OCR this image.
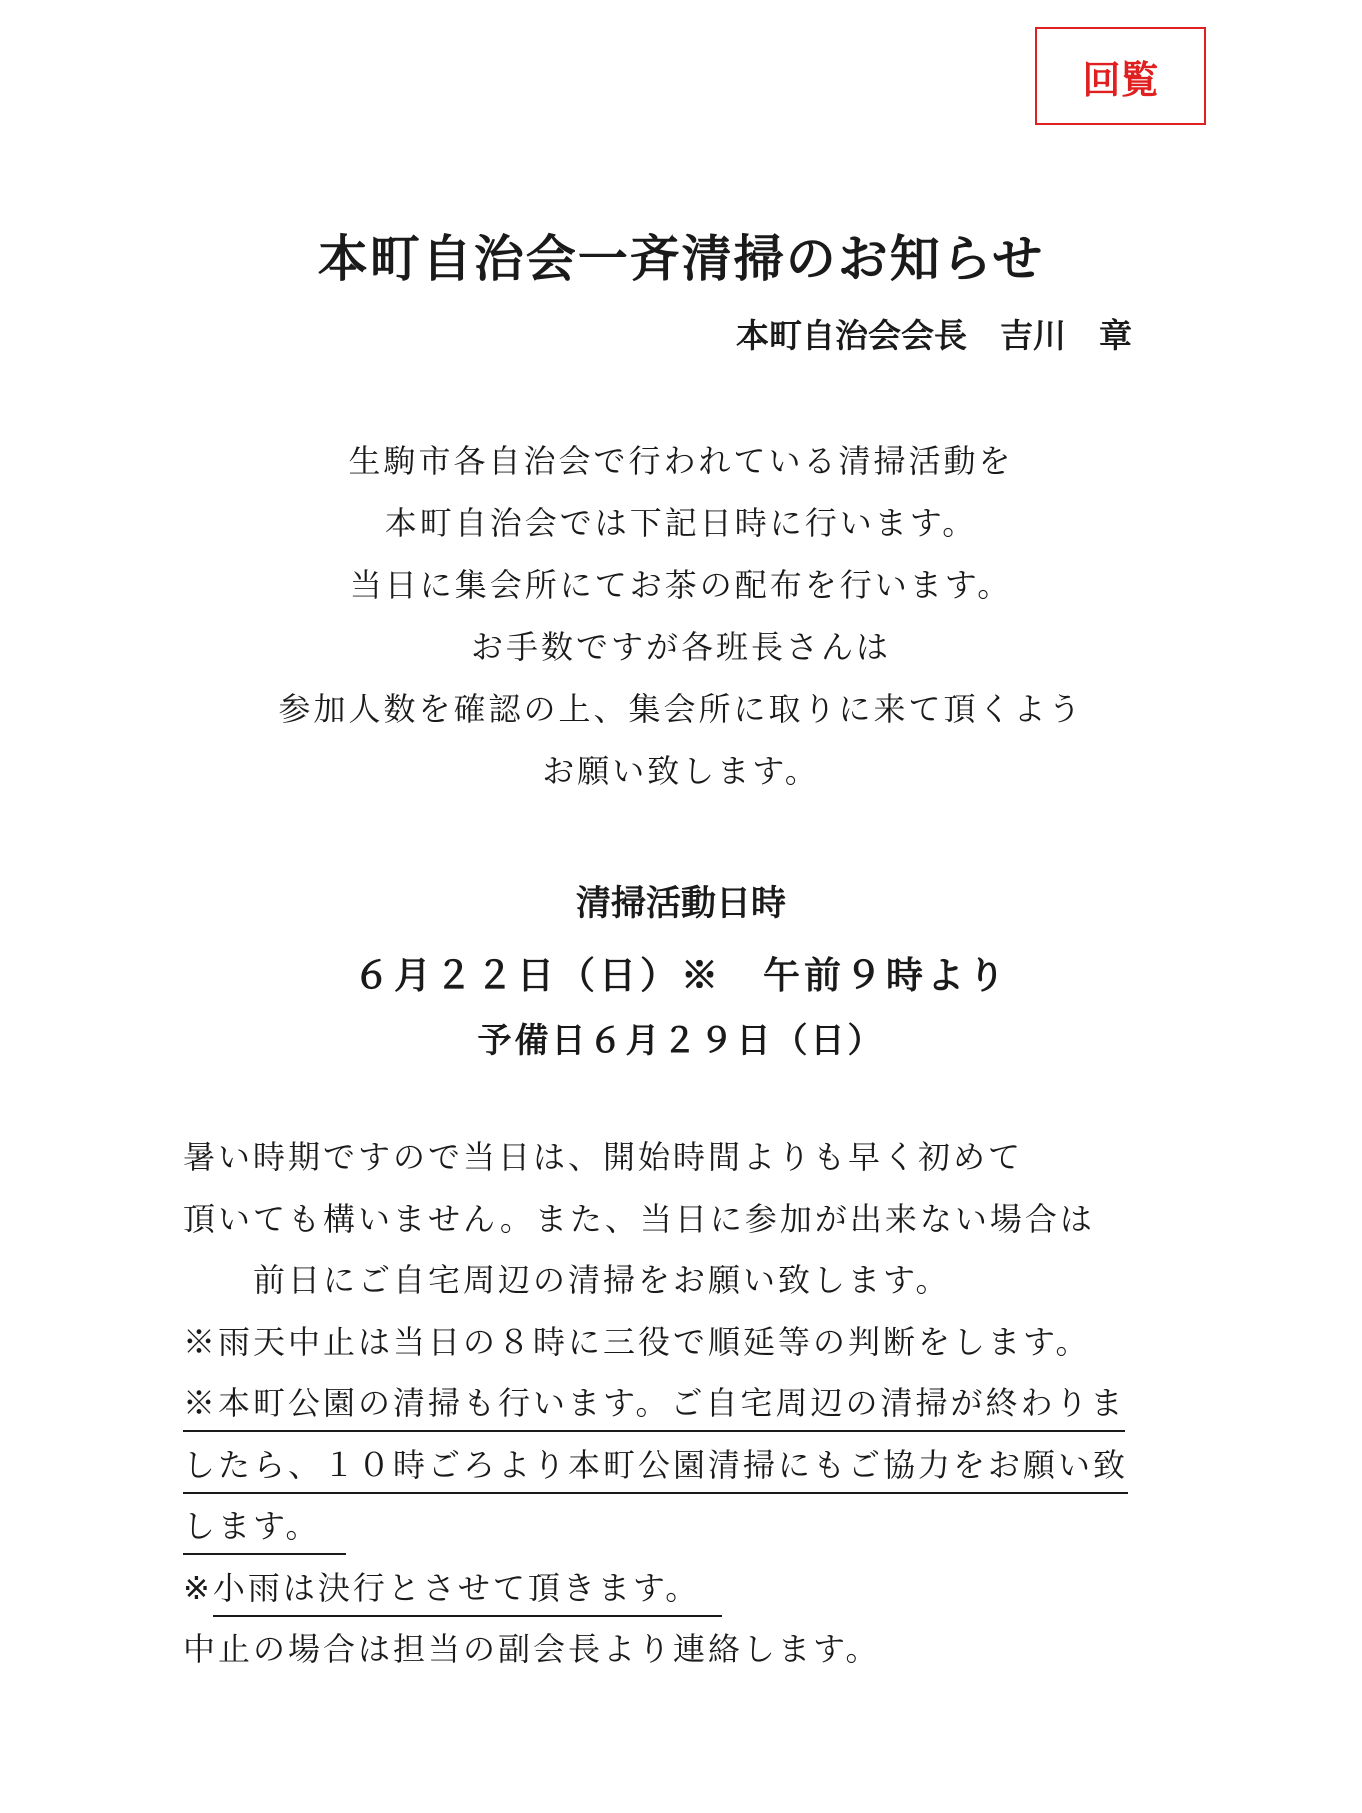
回覧
本町自治会一斉清掃のお知らせ
本町自治会会長　吉川　章
生駒市各自治会で行われている清掃活動を
本町自治会では下記日時に行います。
当日に集会所にてお茶の配布を行います。
お手数ですが各班長さんは
参加人数を確認の上、集会所に取りに来て頂くよう
お願い致します。
清掃活動日時
６月２２日（日）※　午前９時より
予備日６月２９日（日）
暑い時期ですので当日は、開始時間よりも早く初めて
頂いても構いません。また、当日に参加が出来ない場合は
　　前日にご自宅周辺の清掃をお願い致します。
※雨天中止は当日の８時に三役で順延等の判断をします。
※本町公園の清掃も行います。ご自宅周辺の清掃が終わりま
したら、１０時ごろより本町公園清掃にもご協力をお願い致
します。
※小雨は決行とさせて頂きます。
中止の場合は担当の副会長より連絡します。
